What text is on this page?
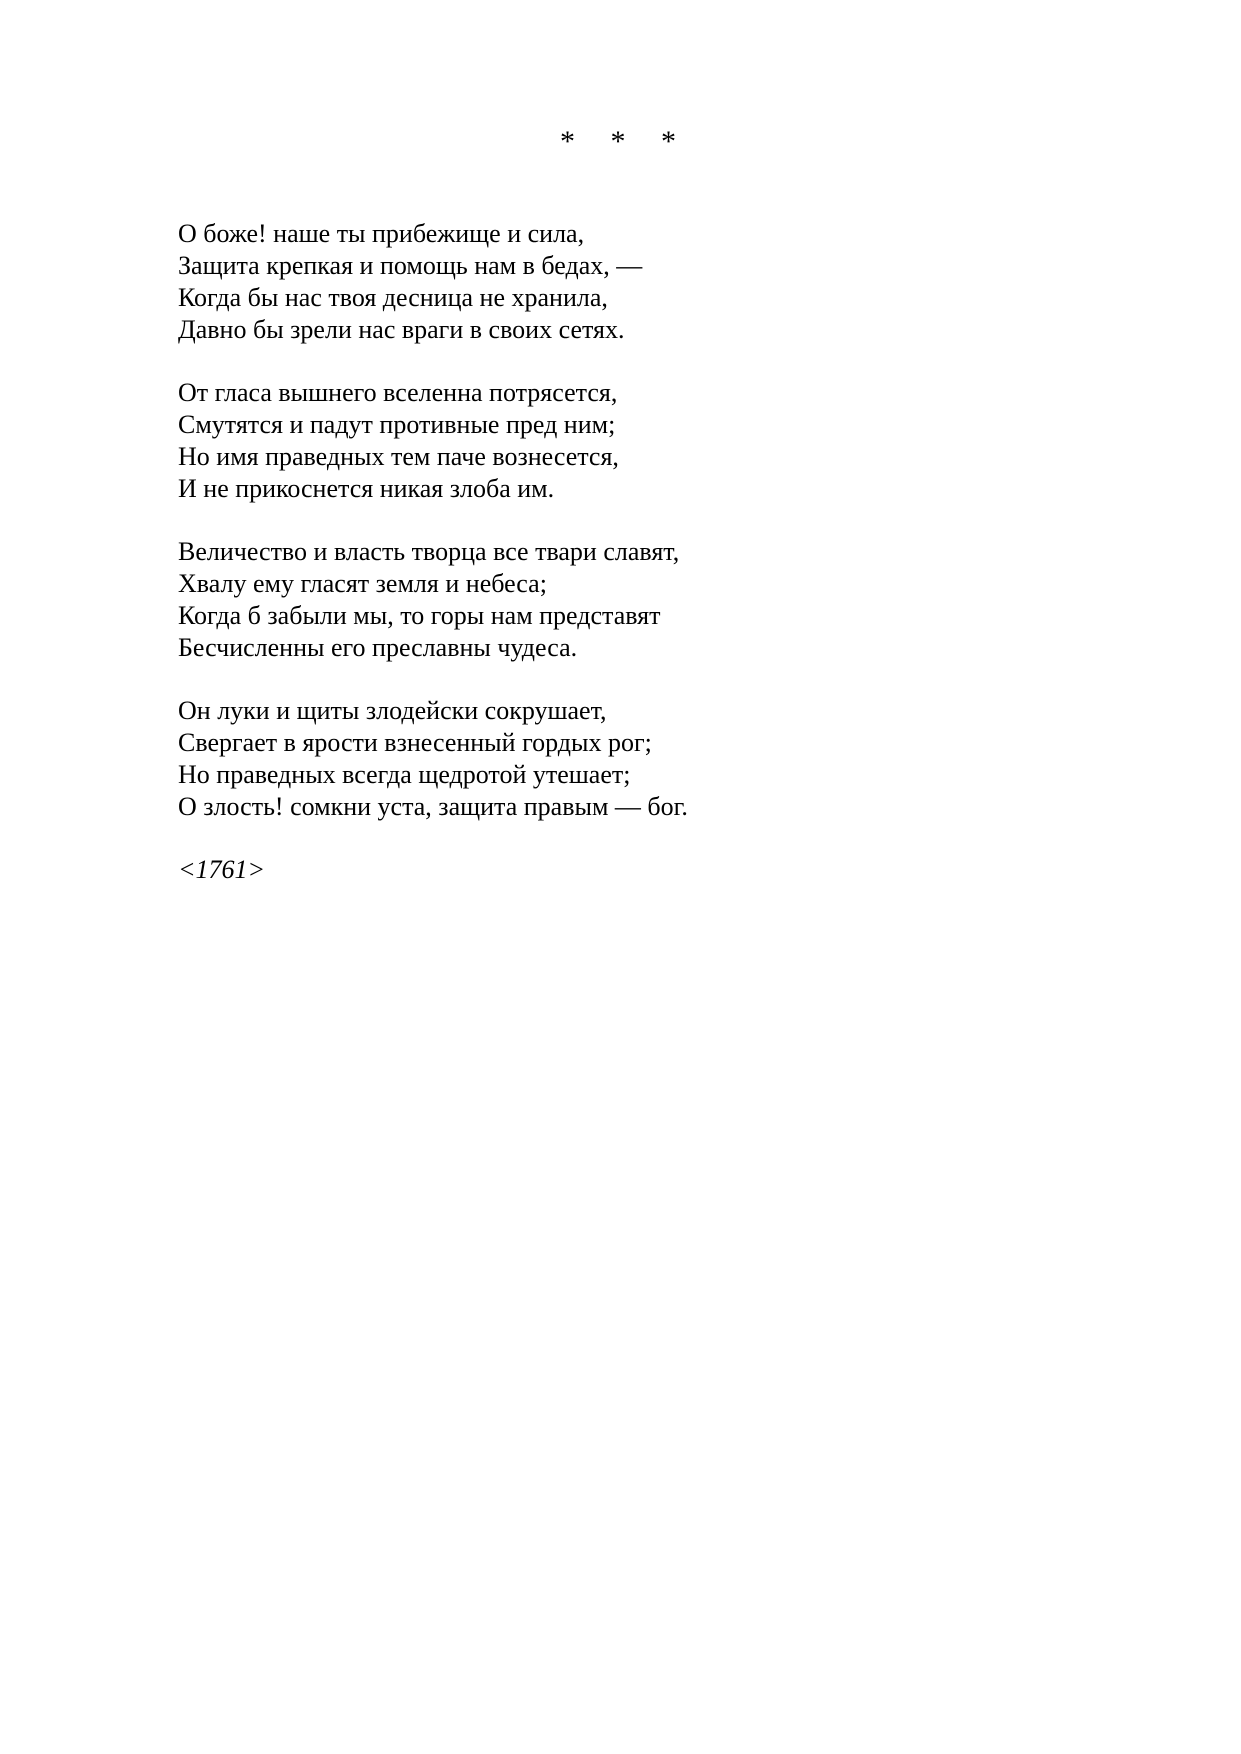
* * *
О боже! наше ты прибежище и сила,
Защита крепкая и помощь нам в бедах, —
Когда бы нас твоя десница не хранила,
Давно бы зрели нас враги в своих сетях.
От гласа вышнего вселенна потрясется,
Смутятся и падут противные пред ним;
Но имя праведных тем паче вознесется,
И не прикоснется никая злоба им.
Величество и власть творца все твари славят,
Хвалу ему гласят земля и небеса;
Когда б забыли мы, то горы нам представят
Бесчисленны его преславны чудеса.
Он луки и щиты злодейски сокрушает,
Свергает в ярости взнесенный гордых рог;
Но праведных всегда щедротой утешает;
О злость! сомкни уста, защита правым — бог.
<1761>
